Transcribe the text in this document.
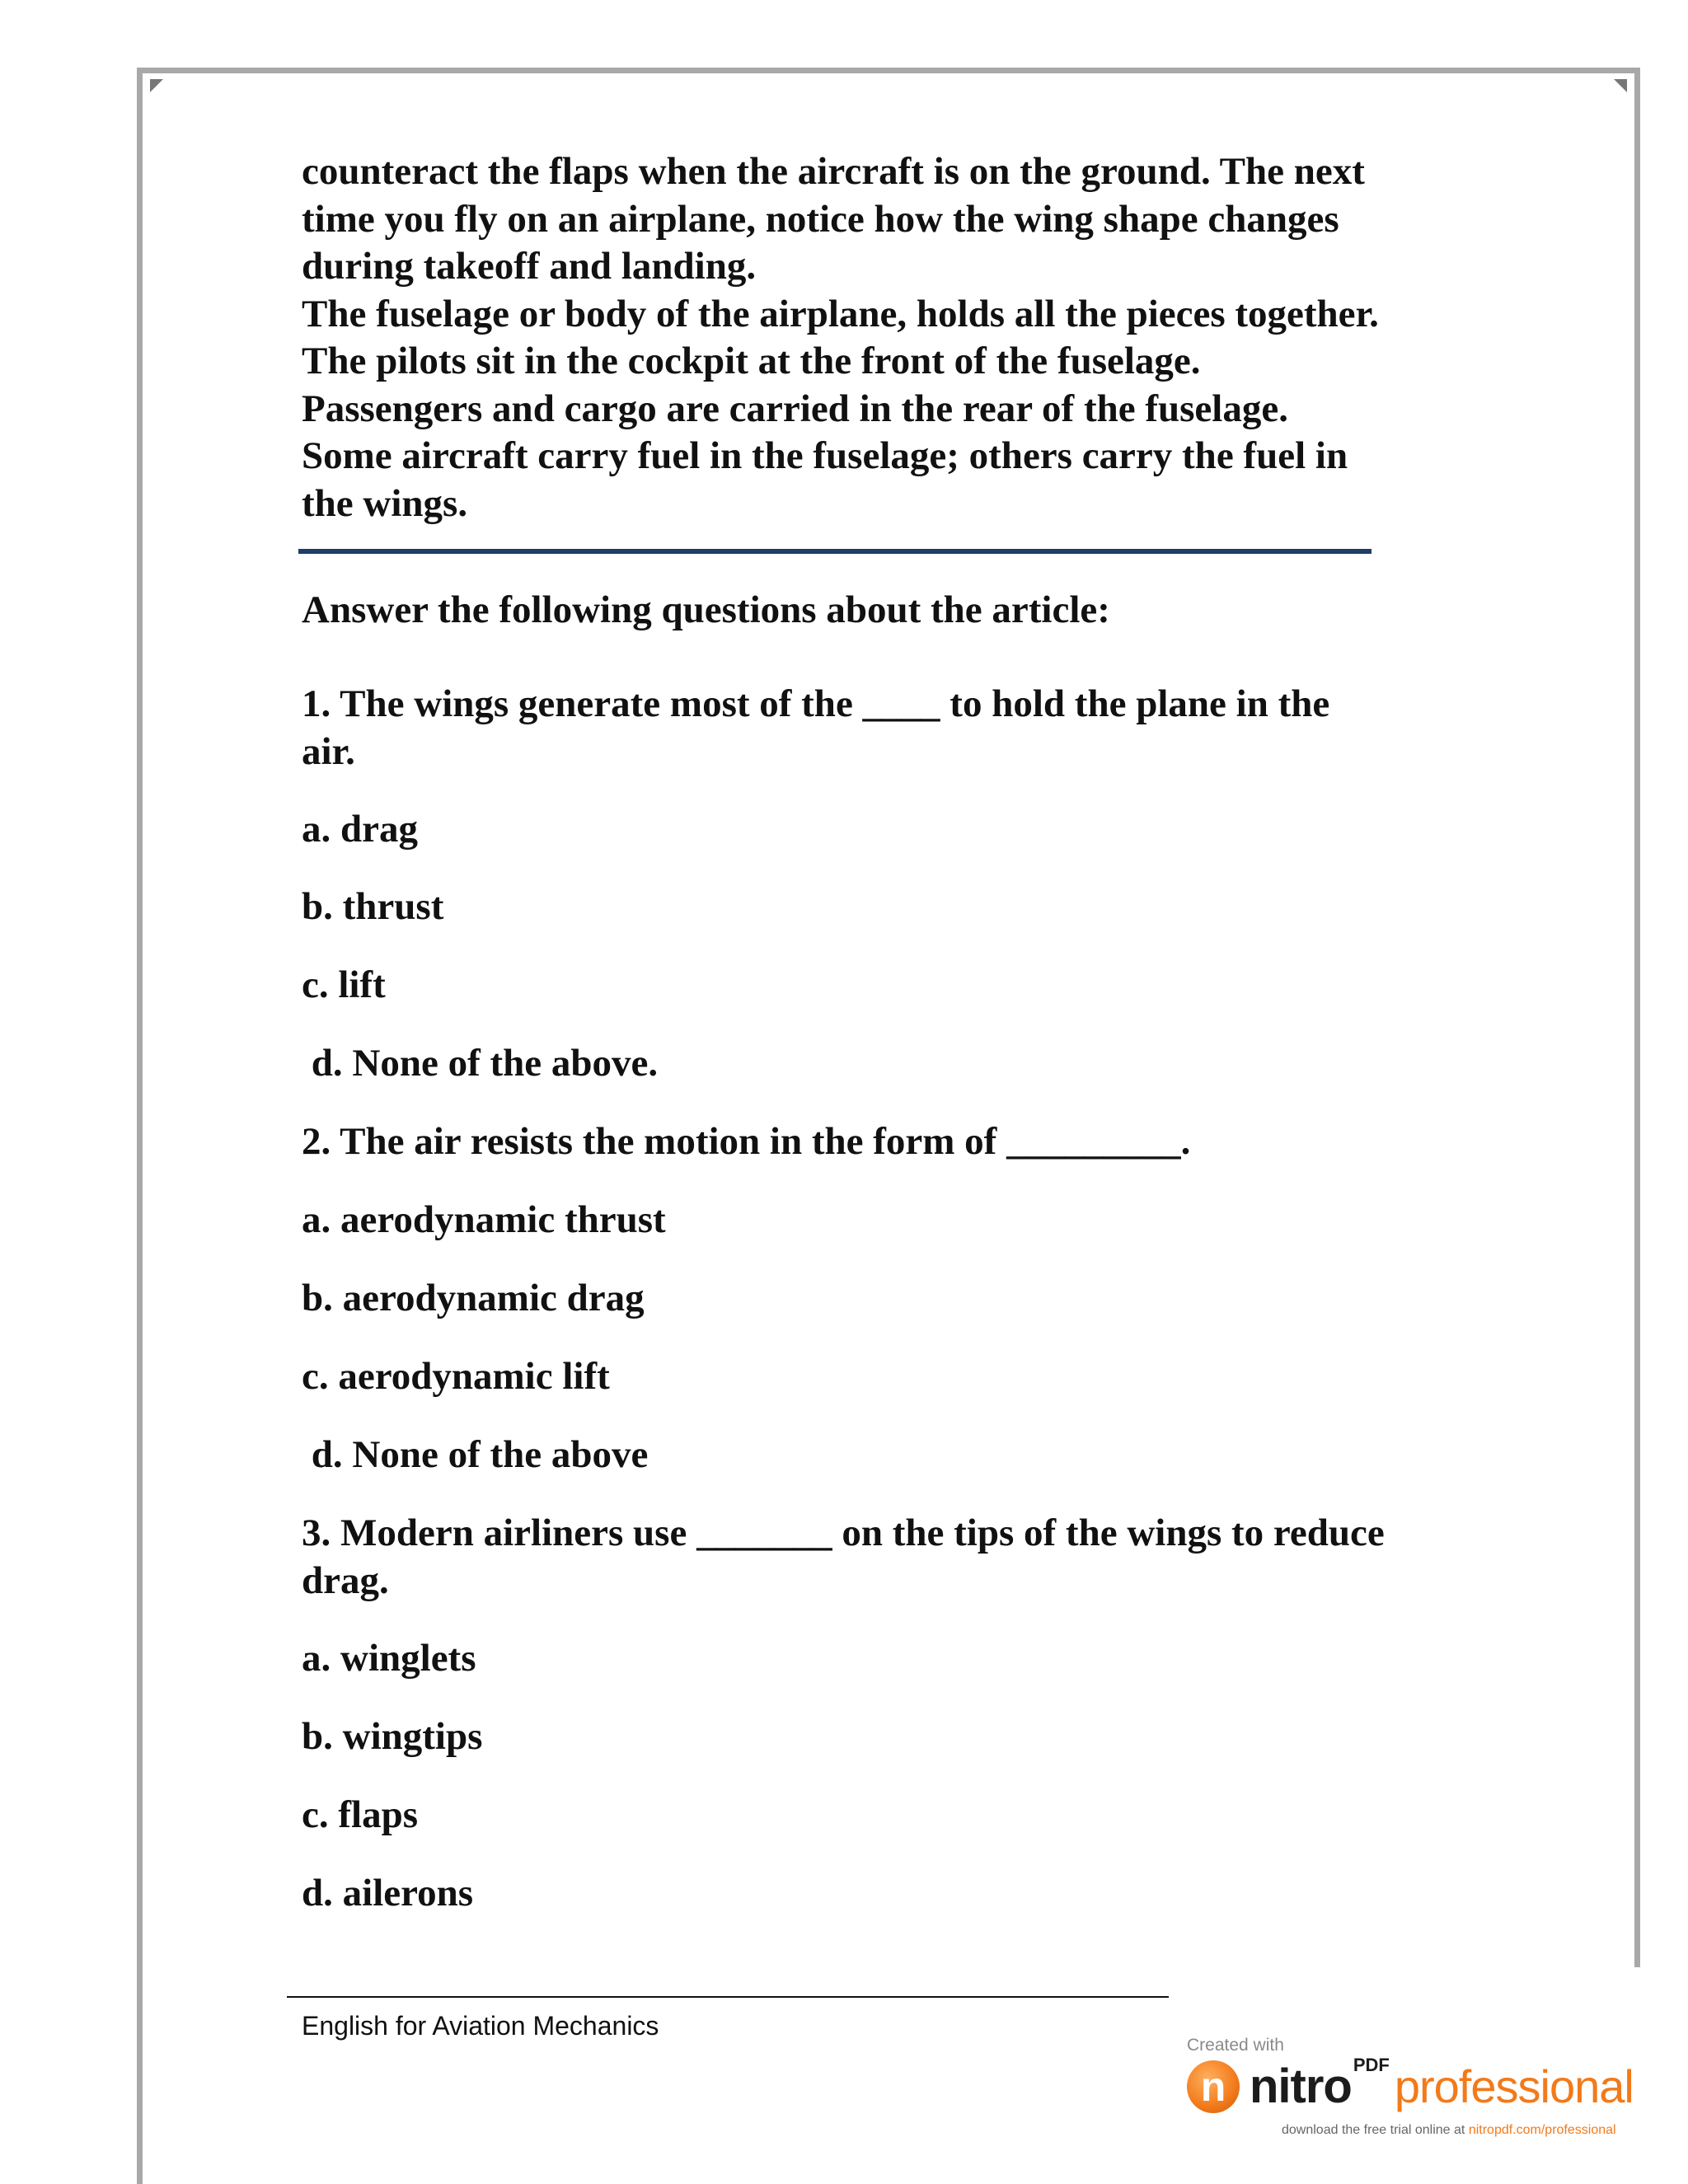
counteract the flaps when the aircraft is on the ground. The next time you fly on an airplane, notice how the wing shape changes during takeoff and landing.

The fuselage or body of the airplane, holds all the pieces together. The pilots sit in the cockpit at the front of the fuselage. Passengers and cargo are carried in the rear of the fuselage. Some aircraft carry fuel in the fuselage; others carry the fuel in the wings.

Answer the following questions about the article:

1. The wings generate most of the ____ to hold the plane in the air.

a. drag

b. thrust

c. lift

d. None of the above.

2. The air resists the motion in the form of _________.

a. aerodynamic thrust

b. aerodynamic drag

c. aerodynamic lift

d. None of the above

3. Modern airliners use _______ on the tips of the wings to reduce drag.

a. winglets

b. wingtips

c. flaps

d. ailerons

English for Aviation Mechanics
Created with
n nitro PDF professional
download the free trial online at nitropdf.com/professional
